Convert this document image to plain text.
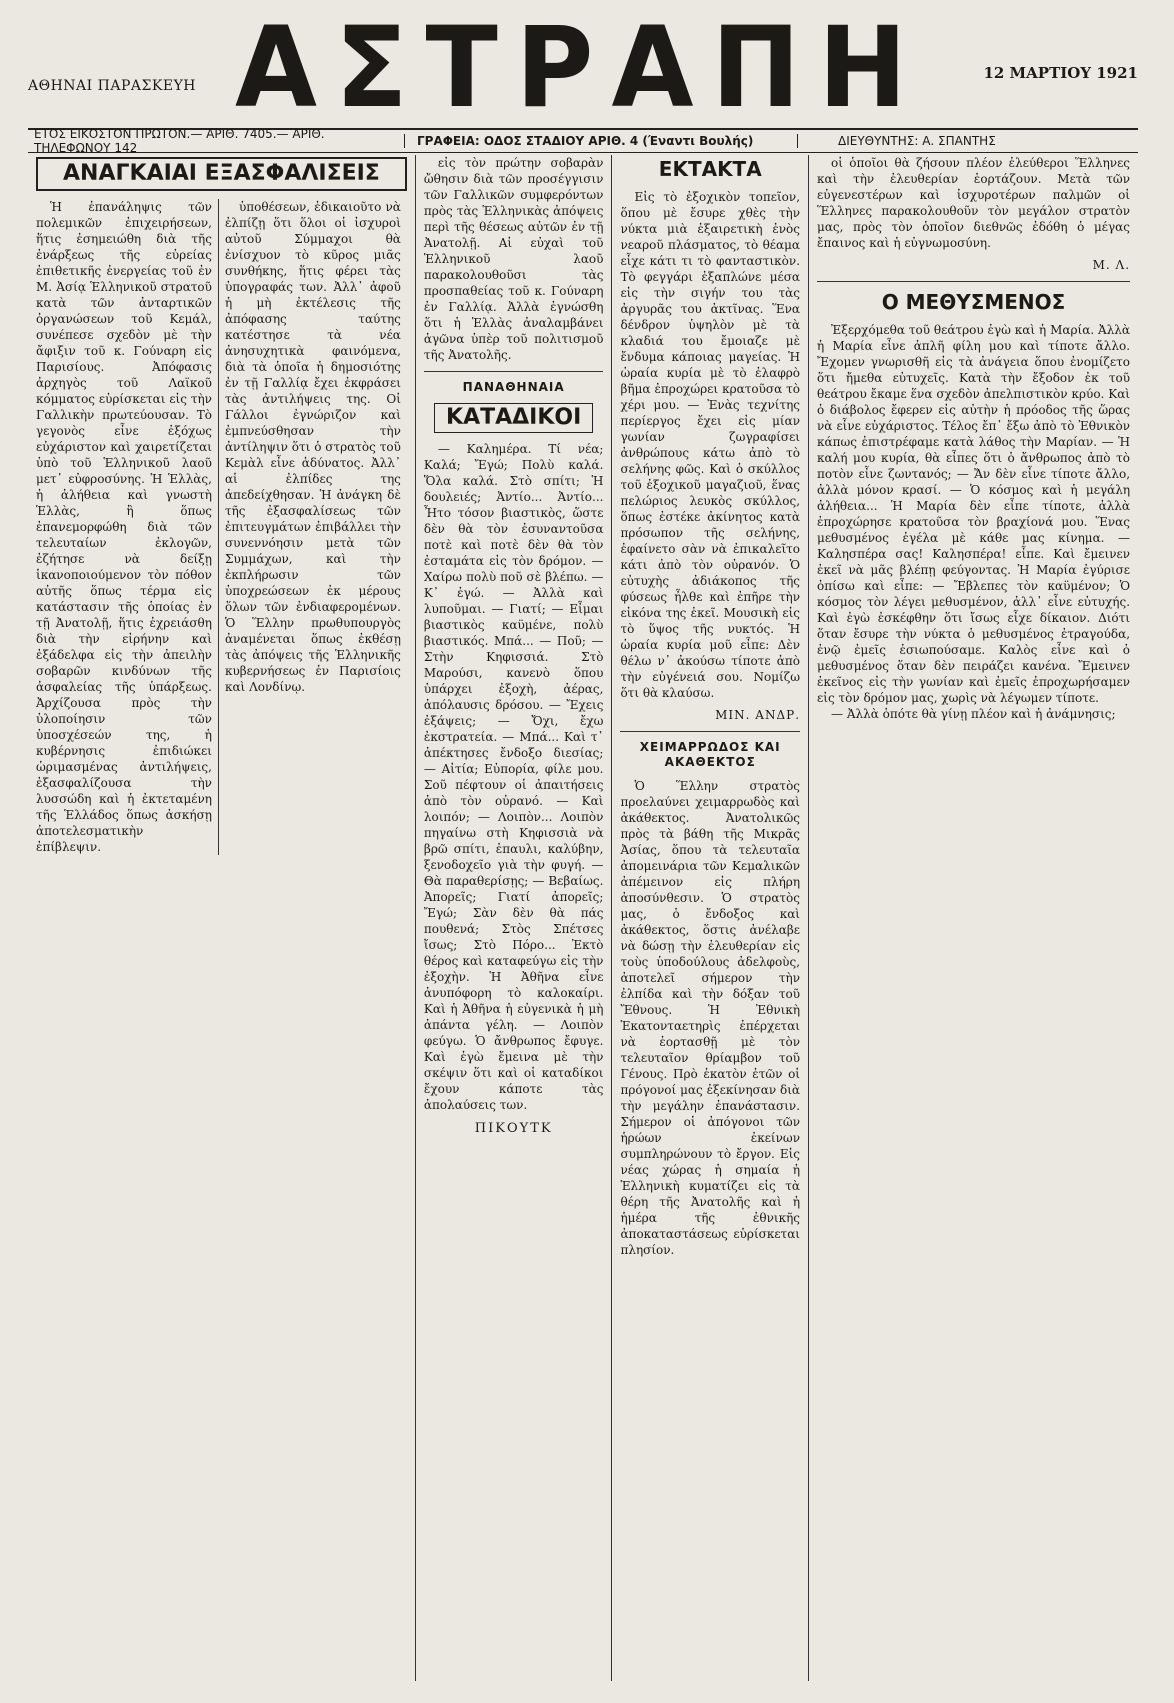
ΑΘΗΝΑΙ ΠΑΡΑΣΚΕΥΗ ΑΣΤΡΑΠΗ	12 ΜΑΡΤΙΟΥ 1921
ΕΤΟΣ ΕΙΚΟΣΤΟΝ ΠΡΩΤΟΝ.— ΑΡΙΘ. 7405.— ΑΡΙΘ. ΤΗΛΕΦΩΝΟΥ 142	ΓΡΑΦΕΙΑ: ΟΔΟΣ ΣΤΑΔΙΟΥ ΑΡΙΘ. 4 (Έναντι Βουλής)	ΔΙΕΥΘΥΝΤΗΣ: Α. ΣΠΑΝΤΗΣ
ΑΝΑΓΚΑΙΑΙ ΕΞΑΣΦΑΛΙΣΕΙΣ

Ἡ ἐπανάληψις τῶν πολεμικῶν ἐπιχειρήσεων, ἥτις ἐσημειώθη διὰ τῆς ἐνάρξεως τῆς εὐρείας ἐπιθετικῆς ἐνεργείας τοῦ ἐν Μ. Ἀσίᾳ Ἑλληνικοῦ στρατοῦ κατὰ τῶν ἀνταρτικῶν ὀργανώσεων τοῦ Κεμάλ, συνέπεσε σχεδὸν μὲ τὴν ἄφιξιν τοῦ κ. Γούναρη εἰς Παρισίους. Ἀπόφασις ἀρχηγὸς τοῦ Λαϊκοῦ κόμματος εὑρίσκεται εἰς τὴν Γαλλικὴν πρωτεύουσαν. Τὸ γεγονὸς εἶνε ἐξόχως εὐχάριστον καὶ χαιρετίζεται ὑπὸ τοῦ Ἑλληνικοῦ λαοῦ μετ᾽ εὐφροσύνης. Ἡ Ἑλλὰς, ἡ ἀλήθεια καὶ γνωστὴ Ἑλλὰς, ἢ ὅπως ἐπανεμορφώθη διὰ τῶν τελευταίων ἐκλογῶν, ἐζήτησε νὰ δείξῃ ἱκανοποιούμενον τὸν πόθον αὐτῆς ὅπως τέρμα εἰς κατάστασιν τῆς ὁποίας ἐν τῇ Ἀνατολῇ, ἥτις ἐχρειάσθη διὰ τὴν εἰρήνην καὶ ἐξάδελφα εἰς τὴν ἀπειλὴν σοβαρῶν κινδύνων τῆς ἀσφαλείας τῆς ὑπάρξεως. Ἀρχίζουσα πρὸς τὴν ὑλοποίησιν τῶν ὑποσχέσεών της, ἡ κυβέρνησις ἐπιδιώκει ὡριμασμένας ἀντιλήψεις, ἐξασφαλίζουσα τὴν λυσσώδη καὶ ἡ ἐκτεταμένη τῆς Ἑλλάδος ὅπως ἀσκήσῃ ἀποτελεσματικὴν ἐπίβλεψιν.

ὑποθέσεων, ἐδικαιοῦτο νὰ ἐλπίζῃ ὅτι ὅλοι οἱ ἰσχυροὶ αὐτοῦ Σύμμαχοι θὰ ἐνίσχυον τὸ κῦρος μιᾶς συνθήκης, ἥτις φέρει τὰς ὑπογραφάς των. Ἀλλ᾽ ἀφοῦ ἡ μὴ ἐκτέλεσις τῆς ἀπόφασης ταύτης κατέστησε τὰ νέα ἀνησυχητικὰ φαινόμενα, διὰ τὰ ὁποῖα ἡ δημοσιότης ἐν τῇ Γαλλίᾳ ἔχει ἐκφράσει τὰς ἀντιλήψεις της. Οἱ Γάλλοι ἐγνώριζον καὶ ἐμπνεύσθησαν τὴν ἀντίληψιν ὅτι ὁ στρατὸς τοῦ Κεμὰλ εἶνε ἀδύνατος. Ἀλλ᾽ αἱ ἐλπίδες της ἀπεδείχθησαν. Ἡ ἀνάγκη δὲ τῆς ἐξασφαλίσεως τῶν ἐπιτευγμάτων ἐπιβάλλει τὴν συνεννόησιν μετὰ τῶν Συμμάχων, καὶ τὴν ἐκπλήρωσιν τῶν ὑποχρεώσεων ἐκ μέρους ὅλων τῶν ἐνδιαφερομένων. Ὁ Ἕλλην πρωθυπουργὸς ἀναμένεται ὅπως ἐκθέσῃ τὰς ἀπόψεις τῆς Ἑλληνικῆς κυβερνήσεως ἐν Παρισίοις καὶ Λονδίνῳ.

εἰς τὸν πρώτην σοβαρὰν ὤθησιν διὰ τῶν προσέγγισιν τῶν Γαλλικῶν συμφερόντων πρὸς τὰς Ἑλληνικὰς ἀπόψεις περὶ τῆς θέσεως αὐτῶν ἐν τῇ Ἀνατολῇ. Αἱ εὐχαὶ τοῦ Ἑλληνικοῦ λαοῦ παρακολουθοῦσι τὰς προσπαθείας τοῦ κ. Γούναρη ἐν Γαλλίᾳ. Ἀλλὰ ἐγνώσθη ὅτι ἡ Ἑλλὰς ἀναλαμβάνει ἀγῶνα ὑπὲρ τοῦ πολιτισμοῦ τῆς Ἀνατολῆς.

ΠΑΝΑΘΗΝΑΙΑ
ΚΑΤΑΔΙΚΟΙ

— Καλημέρα. Τί νέα; Καλά; Ἔγώ; Πολὺ καλά. Ὅλα καλά. Στὸ σπίτι; Ἡ δουλειές; Ἀντίο... Ἀντίο... Ἦτο τόσον βιαστικὸς, ὥστε δὲν θὰ τὸν ἐσυναντοῦσα ποτὲ καὶ ποτὲ δὲν θὰ τὸν ἐσταμάτα εἰς τὸν δρόμον. — Χαίρω πολὺ ποῦ σὲ βλέπω. — Κ᾽ ἐγώ. — Ἀλλὰ καὶ λυποῦμαι. — Γιατί; — Εἶμαι βιαστικὸς καϋμένε, πολὺ βιαστικός. Μπά... — Ποῦ; — Στὴν Κηφισσιά. Στὸ Μαρούσι, κανενὸ ὅπου ὑπάρχει ἐξοχὴ, ἀέρας, ἀπόλαυσις δρόσου. — Ἔχεις ἐξάψεις; — Ὄχι, ἔχω ἐκστρατεία. — Μπά... Καὶ τ᾽ ἀπέκτησες ἔνδοξο διεσίας; — Αἰτία; Εὐπορία, φίλε μου. Σοῦ πέφτουν οἱ ἀπαιτήσεις ἀπὸ τὸν οὐρανό. — Καὶ λοιπόν; — Λοιπὸν... Λοιπὸν πηγαίνω στὴ Κηφισσιὰ νὰ βρῶ σπίτι, ἐπαυλι, καλύβην, ξενοδοχεῖο γιὰ τὴν φυγή. — Θὰ παραθερίσῃς; — Βεβαίως. Ἀπορεῖς; Γιατί ἀπορεῖς; Ἔγώ; Σὰν δὲν θὰ πάς πουθενά; Στὸς Σπέτσες ἴσως; Στὸ Πόρο... Ἐκτὸ θέρος καὶ καταφεύγω εἰς τὴν ἐξοχὴν. Ἡ Ἀθῆνα εἶνε ἀνυπόφορη τὸ καλοκαίρι. Καὶ ἡ Ἀθῆνα ἡ εὐγενικὰ ἡ μὴ ἀπάντα γέλη. — Λοιπὸν φεύγω. Ὁ ἄνθρωπος ἔφυγε. Καὶ ἐγὼ ἔμεινα μὲ τὴν σκέψιν ὅτι καὶ οἱ καταδίκοι ἔχουν κάποτε τὰς ἀπολαύσεις των.

ΠΙΚΟΥΤΚ
ΕΚΤΑΚΤΑ

Εἰς τὸ ἐξοχικὸν τοπεῖον, ὅπου μὲ ἔσυρε χθὲς τὴν νύκτα μιὰ ἐξαιρετικὴ ἐνὸς νεαροῦ πλάσματος, τὸ θέαμα εἶχε κάτι τι τὸ φανταστικὸν. Τὸ φεγγάρι ἐξαπλώνε μέσα εἰς τὴν σιγήν του τὰς ἀργυρᾶς του ἀκτῖνας. Ἕνα δένδρον ὑψηλὸν μὲ τὰ κλαδιά του ἔμοιαζε μὲ ἔνδυμα κάποιας μαγείας. Ἡ ὡραία κυρία μὲ τὸ ἐλαφρὸ βῆμα ἐπροχώρει κρατοῦσα τὸ χέρι μου. — Ἐνὰς τεχνίτης περίεργος ἔχει εἰς μίαν γωνίαν ζωγραφίσει ἀνθρώπους κάτω ἀπὸ τὸ σελήνης φῶς. Καὶ ὁ σκύλλος τοῦ ἐξοχικοῦ μαγαζιοῦ, ἕνας πελώριος λευκὸς σκύλλος, ὅπως ἐστέκε ἀκίνητος κατὰ πρόσωπον τῆς σελήνης, ἐφαίνετο σὰν νὰ ἐπικαλεῖτο κάτι ἀπὸ τὸν οὐρανόν. Ὁ εὐτυχὴς ἀδιάκοπος τῆς φύσεως ἦλθε καὶ ἐπῆρε τὴν εἰκόνα της ἐκεῖ. Μουσικὴ εἰς τὸ ὕψος τῆς νυκτός. Ἡ ὡραία κυρία μοῦ εἶπε: Δὲν θέλω ν᾽ ἀκούσω τίποτε ἀπὸ τὴν εὐγένειά σου. Νομίζω ὅτι θὰ κλαύσω.

ΜΙΝ. ΑΝΔΡ.
ΧΕΙΜΑΡΡΩΔΟΣ ΚΑΙ ΑΚΑΘΕΚΤΟΣ

Ὁ Ἕλλην στρατὸς προελαύνει χειμαρρωδὸς καὶ ἀκάθεκτος. Ἀνατολικῶς πρὸς τὰ βάθη τῆς Μικρᾶς Ἀσίας, ὅπου τὰ τελευταῖα ἀπομεινάρια τῶν Κεμαλικῶν ἀπέμεινον εἰς πλήρη ἀποσύνθεσιν. Ὁ στρατὸς μας, ὁ ἔνδοξος καὶ ἀκάθεκτος, ὅστις ἀνέλαβε νὰ δώσῃ τὴν ἐλευθερίαν εἰς τοὺς ὑποδούλους ἀδελφοὺς, ἀποτελεῖ σήμερον τὴν ἐλπίδα καὶ τὴν δόξαν τοῦ Ἔθνους. Ἡ Ἐθνικὴ Ἑκατονταετηρὶς ἐπέρχεται νὰ ἑορτασθῇ μὲ τὸν τελευταῖον θρίαμβον τοῦ Γένους. Πρὸ ἑκατὸν ἐτῶν οἱ πρόγονοί μας ἐξεκίνησαν διὰ τὴν μεγάλην ἐπανάστασιν. Σήμερον οἱ ἀπόγονοι τῶν ἡρώων ἐκείνων συμπληρώνουν τὸ ἔργον. Εἰς νέας χώρας ἡ σημαία ἡ Ἑλληνικὴ κυματίζει εἰς τὰ θέρη τῆς Ἀνατολῆς καὶ ἡ ἡμέρα τῆς ἐθνικῆς ἀποκαταστάσεως εὑρίσκεται πλησίον.

οἱ ὁποῖοι θὰ ζήσουν πλέον ἐλεύθεροι Ἕλληνες καὶ τὴν ἐλευθερίαν ἑορτάζουν. Μετὰ τῶν εὐγενεστέρων καὶ ἰσχυροτέρων παλμῶν οἱ Ἕλληνες παρακολουθοῦν τὸν μεγάλον στρατὸν μας, πρὸς τὸν ὁποῖον διεθνῶς ἐδόθη ὁ μέγας ἔπαινος καὶ ἡ εὐγνωμοσύνη.

Μ. Λ.
Ο ΜΕΘΥΣΜΕΝΟΣ

Ἐξερχόμεθα τοῦ θεάτρου ἐγὼ καὶ ἡ Μαρία. Ἀλλὰ ἡ Μαρία εἶνε ἁπλῆ φίλη μου καὶ τίποτε ἄλλο. Ἔχομεν γνωρισθῆ εἰς τὰ ἀνάγεια ὅπου ἐνομίζετο ὅτι ἤμεθα εὐτυχεῖς. Κατὰ τὴν ἔξοδον ἐκ τοῦ θεάτρου ἔκαμε ἕνα σχεδὸν ἀπελπιστικὸν κρύο. Καὶ ὁ διάβολος ἔφερεν εἰς αὐτὴν ἡ πρόοδος τῆς ὥρας νὰ εἶνε εὐχάριστος. Τέλος ἔπ᾽ ἔξω ἀπὸ τὸ Ἐθνικὸν κάπως ἐπιστρέφαμε κατὰ λάθος τὴν Μαρίαν. — Ἡ καλή μου κυρία, θὰ εἶπες ὅτι ὁ ἄνθρωπος ἀπὸ τὸ ποτὸν εἶνε ζωντανός; — Ἄν δὲν εἶνε τίποτε ἄλλο, ἀλλὰ μόνον κρασί. — Ὁ κόσμος καὶ ἡ μεγάλη ἀλήθεια... Ἡ Μαρία δὲν εἶπε τίποτε, ἀλλὰ ἐπροχώρησε κρατοῦσα τὸν βραχίονά μου. Ἕνας μεθυσμένος ἐγέλα μὲ κάθε μας κίνημα. — Καλησπέρα σας! Καλησπέρα! εἶπε. Καὶ ἔμεινεν ἐκεῖ νὰ μᾶς βλέπῃ φεύγοντας. Ἡ Μαρία ἐγύρισε ὀπίσω καὶ εἶπε: — Ἔβλεπες τὸν καϋμένον; Ὁ κόσμος τὸν λέγει μεθυσμένον, ἀλλ᾽ εἶνε εὐτυχής. Καὶ ἐγὼ ἐσκέφθην ὅτι ἴσως εἶχε δίκαιον. Διότι ὅταν ἔσυρε τὴν νύκτα ὁ μεθυσμένος ἐτραγούδα, ἐνῷ ἐμεῖς ἐσιωπούσαμε. Καλὸς εἶνε καὶ ὁ μεθυσμένος ὅταν δὲν πειράζει κανένα. Ἔμεινεν ἐκεῖνος εἰς τὴν γωνίαν καὶ ἐμεῖς ἐπροχωρήσαμεν εἰς τὸν δρόμον μας, χωρὶς νὰ λέγωμεν τίποτε.

— Ἀλλὰ ὁπότε θὰ γίνῃ πλέον καὶ ἡ ἀνάμνησις;
